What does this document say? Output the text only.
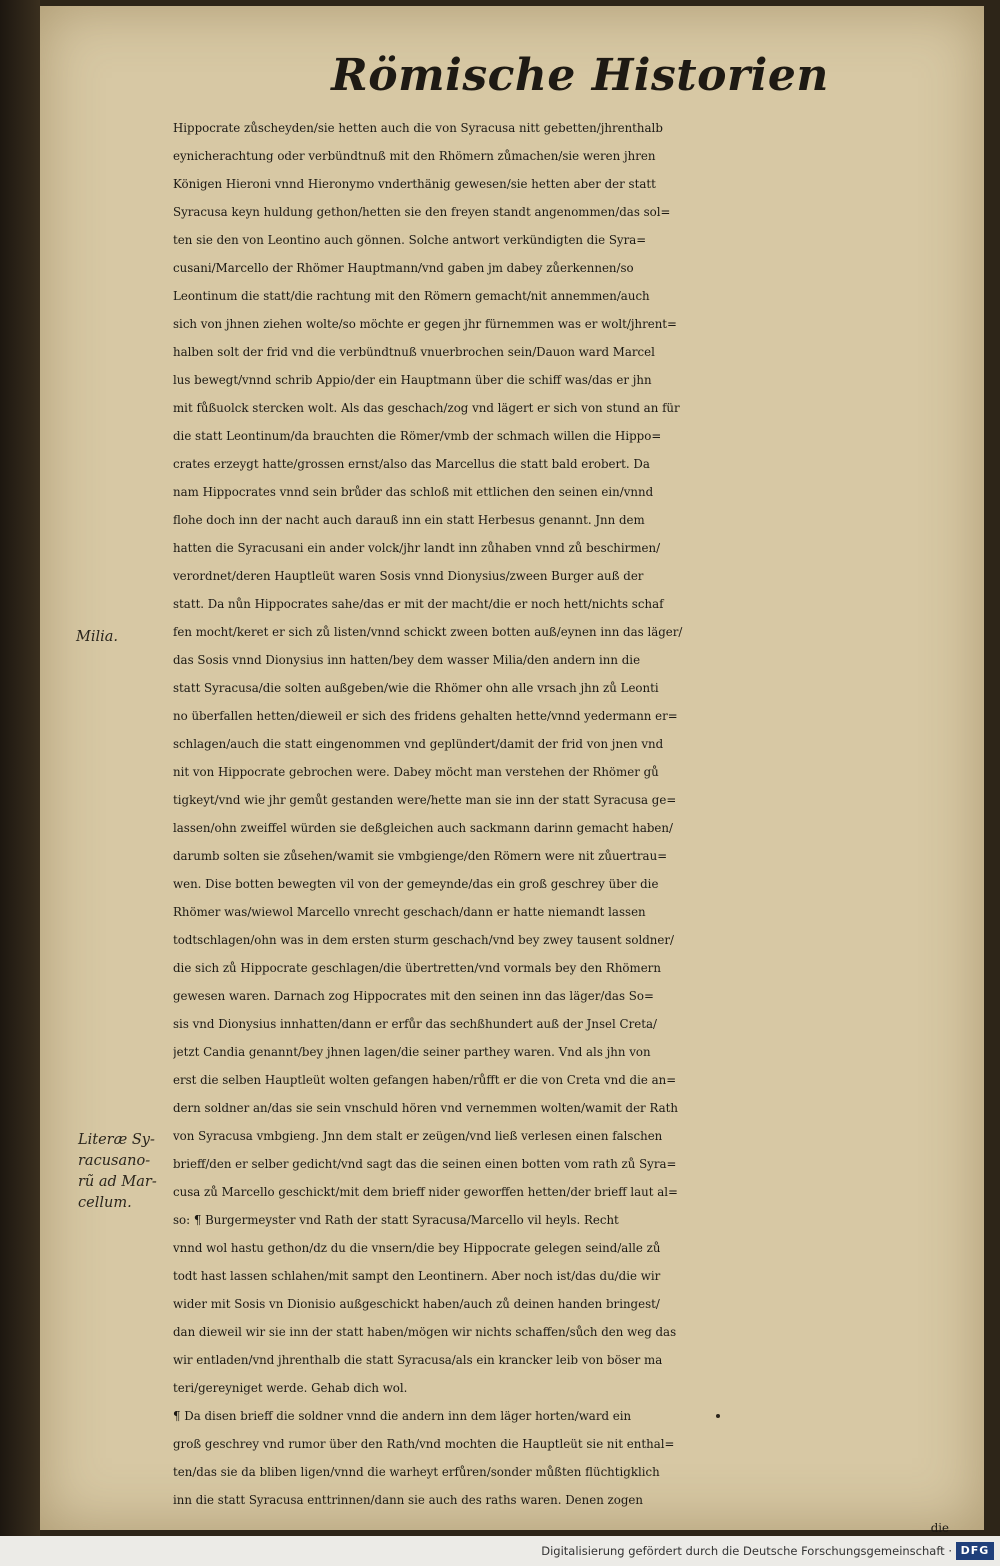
Römische Historien
Hippocrate zůscheyden/sie hetten auch die von Syracusa nitt gebetten/jhrenthalb
eynicherachtung oder verbündtnuß mit den Rhömern zůmachen/sie weren jhren
Königen Hieroni vnnd Hieronymo vnderthänig gewesen/sie hetten aber der statt
Syracusa keyn huldung gethon/hetten sie den freyen standt angenommen/das sol=
ten sie den von Leontino auch gönnen. Solche antwort verkündigten die Syra=
cusani/Marcello der Rhömer Hauptmann/vnd gaben jm dabey zůerkennen/so
Leontinum die statt/die rachtung mit den Römern gemacht/nit annemmen/auch
sich von jhnen ziehen wolte/so möchte er gegen jhr fürnemmen was er wolt/jhrent=
halben solt der frid vnd die verbündtnuß vnuerbrochen sein/Dauon ward Marcel
lus bewegt/vnnd schrib Appio/der ein Hauptmann über die schiff was/das er jhn
mit fůßuolck stercken wolt. Als das geschach/zog vnd lägert er sich von stund an für
die statt Leontinum/da brauchten die Römer/vmb der schmach willen die Hippo=
crates erzeygt hatte/grossen ernst/also das Marcellus die statt bald erobert. Da
nam Hippocrates vnnd sein brůder das schloß mit ettlichen den seinen ein/vnnd
flohe doch inn der nacht auch darauß inn ein statt Herbesus genannt. Jnn dem
hatten die Syracusani ein ander volck/jhr landt inn zůhaben vnnd zů beschirmen/
verordnet/deren Hauptleüt waren Sosis vnnd Dionysius/zween Burger auß der
statt. Da nůn Hippocrates sahe/das er mit der macht/die er noch hett/nichts schaf
fen mocht/keret er sich zů listen/vnnd schickt zween botten auß/eynen inn das läger/
das Sosis vnnd Dionysius inn hatten/bey dem wasser Milia/den andern inn die
statt Syracusa/die solten außgeben/wie die Rhömer ohn alle vrsach jhn zů Leonti
no überfallen hetten/dieweil er sich des fridens gehalten hette/vnnd yedermann er=
schlagen/auch die statt eingenommen vnd geplündert/damit der frid von jnen vnd
nit von Hippocrate gebrochen were. Dabey möcht man verstehen der Rhömer gů
tigkeyt/vnd wie jhr gemůt gestanden were/hette man sie inn der statt Syracusa ge=
lassen/ohn zweiffel würden sie deßgleichen auch sackmann darinn gemacht haben/
darumb solten sie zůsehen/wamit sie vmbgienge/den Römern were nit zůuertrau=
wen. Dise botten bewegten vil von der gemeynde/das ein groß geschrey über die
Rhömer was/wiewol Marcello vnrecht geschach/dann er hatte niemandt lassen
todtschlagen/ohn was in dem ersten sturm geschach/vnd bey zwey tausent soldner/
die sich zů Hippocrate geschlagen/die übertretten/vnd vormals bey den Rhömern
gewesen waren. Darnach zog Hippocrates mit den seinen inn das läger/das So=
sis vnd Dionysius innhatten/dann er erfůr das sechßhundert auß der Jnsel Creta/
jetzt Candia genannt/bey jhnen lagen/die seiner parthey waren. Vnd als jhn von
erst die selben Hauptleüt wolten gefangen haben/růfft er die von Creta vnd die an=
dern soldner an/das sie sein vnschuld hören vnd vernemmen wolten/wamit der Rath
von Syracusa vmbgieng. Jnn dem stalt er zeügen/vnd ließ verlesen einen falschen
brieff/den er selber gedicht/vnd sagt das die seinen einen botten vom rath zů Syra=
cusa zů Marcello geschickt/mit dem brieff nider geworffen hetten/der brieff laut al=
so: ¶ Burgermeyster vnd Rath der statt Syracusa/Marcello vil heyls. Recht
vnnd wol hastu gethon/dz du die vnsern/die bey Hippocrate gelegen seind/alle zů
todt hast lassen schlahen/mit sampt den Leontinern. Aber noch ist/das du/die wir
wider mit Sosis vn Dionisio außgeschickt haben/auch zů deinen handen bringest/
dan dieweil wir sie inn der statt haben/mögen wir nichts schaffen/sůch den weg das
wir entladen/vnd jhrenthalb die statt Syracusa/als ein krancker leib von böser ma
teri/gereyniget werde. Gehab dich wol.
¶ Da disen brieff die soldner vnnd die andern inn dem läger horten/ward ein
groß geschrey vnd rumor über den Rath/vnd mochten die Hauptleüt sie nit enthal=
ten/das sie da bliben ligen/vnnd die warheyt erfůren/sonder můßten flüchtigklich
inn die statt Syracusa enttrinnen/dann sie auch des raths waren. Denen zogen
die
Milia.
Literæ Sy-
racusano-
rũ ad Mar-
cellum.
Digitalisierung gefördert durch die Deutsche Forschungsgemeinschaft · DFG
